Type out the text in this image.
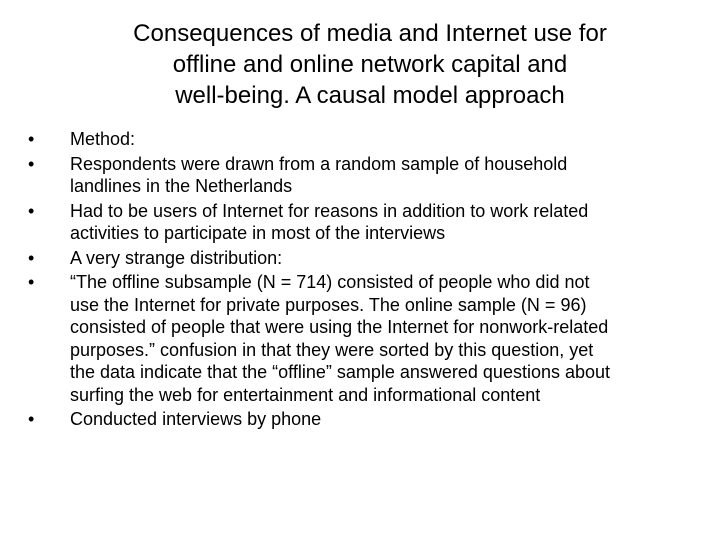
Consequences of media and Internet use for
offline and online network capital and
well-being. A causal model approach
•	Method:
•	Respondents were drawn from a random sample of household
landlines in the Netherlands
•	Had to be users of Internet for reasons in addition to work related
activities to participate in most of the interviews
•	A very strange distribution:
•	“The offline subsample (N = 714) consisted of people who did not
use the Internet for private purposes. The online sample (N = 96)
consisted of people that were using the Internet for nonwork-related
purposes.” confusion in that they were sorted by this question, yet
the data indicate that the “offline” sample answered questions about
surfing the web for entertainment and informational content
•	Conducted interviews by phone
